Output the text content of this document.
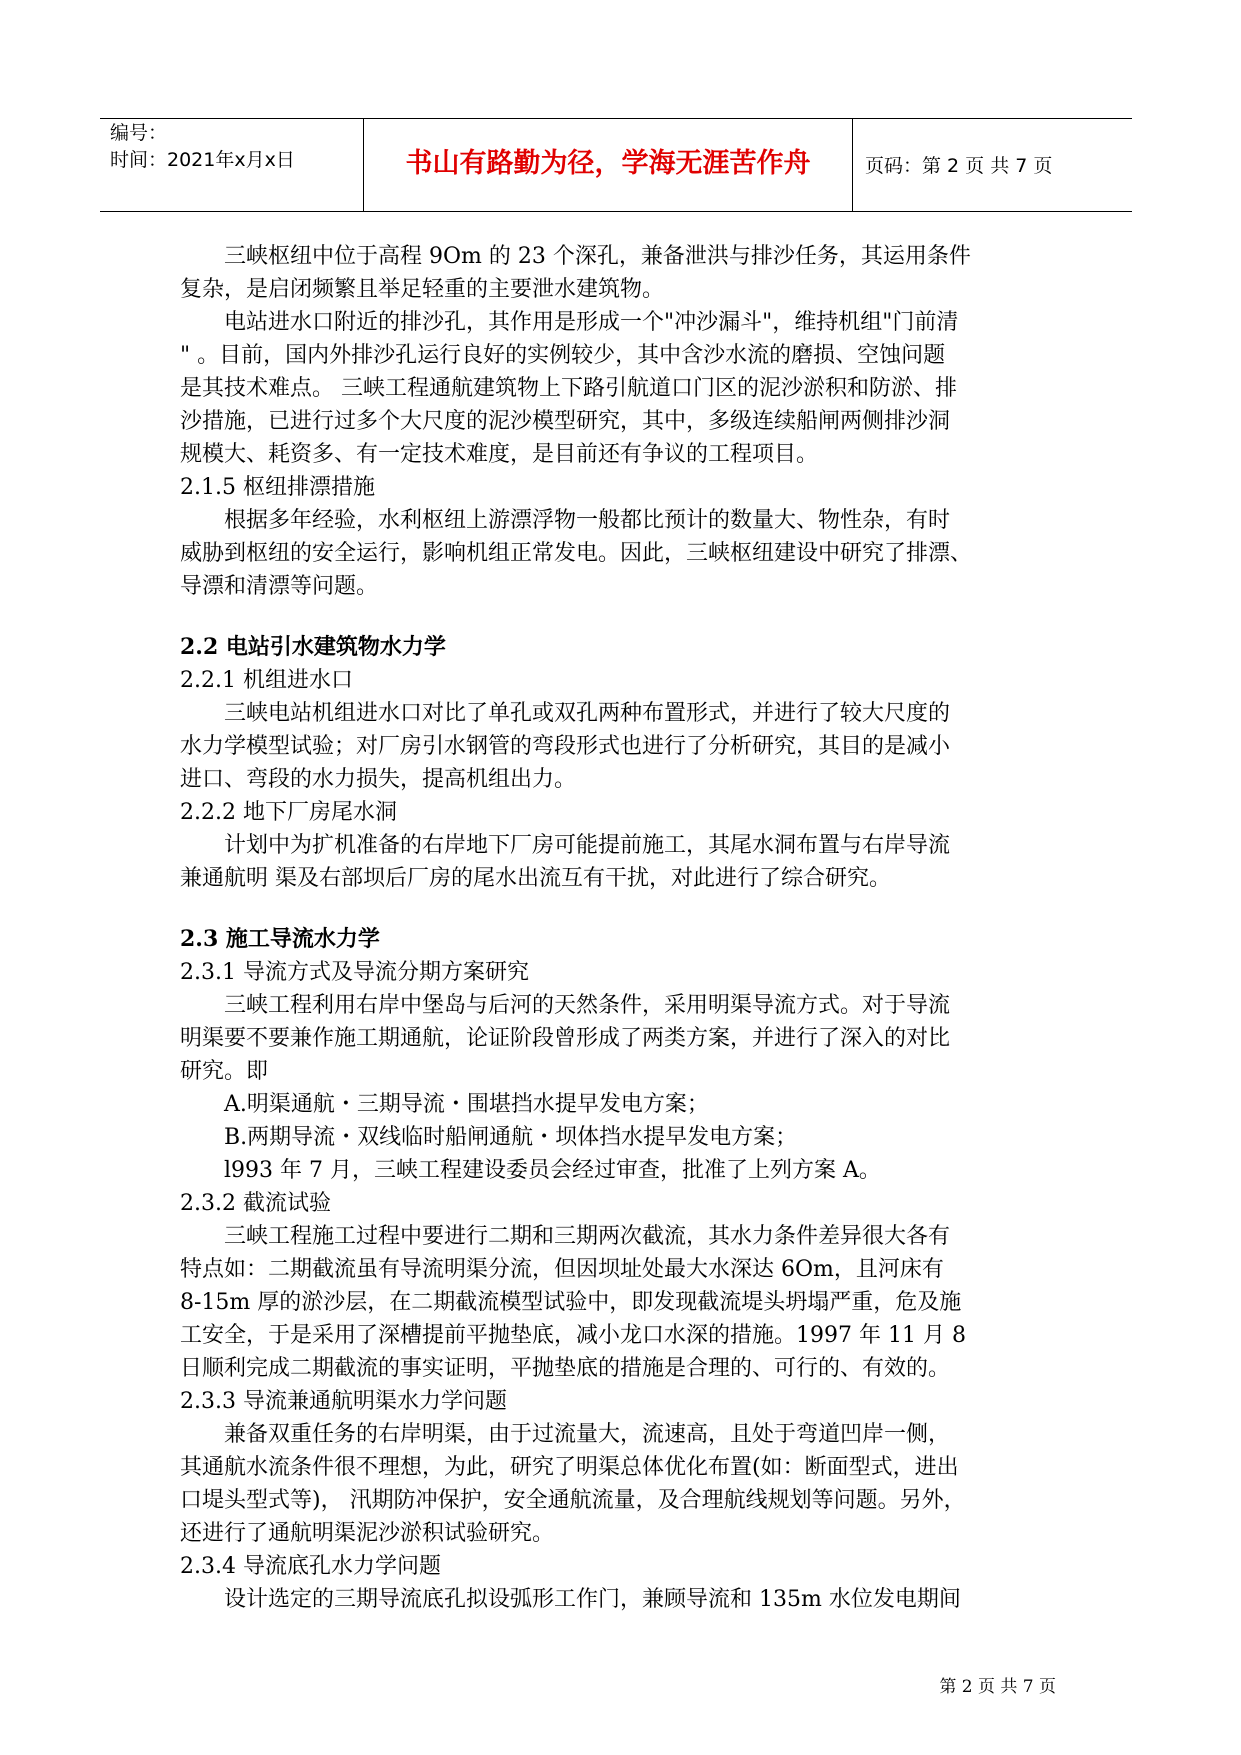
编号：
时间：2021年x月x日	书山有路勤为径，学海无涯苦作舟	页码：第 2 页 共 7 页
三峡枢纽中位于高程 9Om 的 23 个深孔，兼备泄洪与排沙任务，其运用条件
复杂，是启闭频繁且举足轻重的主要泄水建筑物。
电站进水口附近的排沙孔，其作用是形成一个"冲沙漏斗"，维持机组"门前清
" 。目前，国内外排沙孔运行良好的实例较少，其中含沙水流的磨损、空蚀问题
是其技术难点。 三峡工程通航建筑物上下路引航道口门区的泥沙淤积和防淤、排
沙措施，已进行过多个大尺度的泥沙模型研究，其中，多级连续船闸两侧排沙洞
规模大、耗资多、有一定技术难度，是目前还有争议的工程项目。
2.1.5 枢纽排漂措施
根据多年经验，水利枢纽上游漂浮物一般都比预计的数量大、物性杂，有时
威胁到枢纽的安全运行，影响机组正常发电。因此，三峡枢纽建设中研究了排漂、
导漂和清漂等问题。
2.2 电站引水建筑物水力学
2.2.1 机组进水口
三峡电站机组进水口对比了单孔或双孔两种布置形式，并进行了较大尺度的
水力学模型试验；对厂房引水钢管的弯段形式也进行了分析研究，其目的是减小
进口、弯段的水力损失，提高机组出力。
2.2.2 地下厂房尾水洞
计划中为扩机准备的右岸地下厂房可能提前施工，其尾水洞布置与右岸导流
兼通航明 渠及右部坝后厂房的尾水出流互有干扰，对此进行了综合研究。
2.3 施工导流水力学
2.3.1 导流方式及导流分期方案研究
三峡工程利用右岸中堡岛与后河的天然条件，采用明渠导流方式。对于导流
明渠要不要兼作施工期通航，论证阶段曾形成了两类方案，并进行了深入的对比
研究。即
A.明渠通航・三期导流・围堪挡水提早发电方案；
B.两期导流・双线临时船闸通航・坝体挡水提早发电方案；
l993 年 7 月，三峡工程建设委员会经过审查，批准了上列方案 A。
2.3.2 截流试验
三峡工程施工过程中要进行二期和三期两次截流，其水力条件差异很大各有
特点如：二期截流虽有导流明渠分流，但因坝址处最大水深达 6Om，且河床有
8-15m 厚的淤沙层，在二期截流模型试验中，即发现截流堤头坍塌严重，危及施
工安全，于是采用了深槽提前平抛垫底，减小龙口水深的措施。1997 年 11 月 8
日顺利完成二期截流的事实证明，平抛垫底的措施是合理的、可行的、有效的。
2.3.3 导流兼通航明渠水力学问题
兼备双重任务的右岸明渠，由于过流量大，流速高，且处于弯道凹岸一侧，
其通航水流条件很不理想，为此，研究了明渠总体优化布置(如：断面型式，进出
口堤头型式等)， 汛期防冲保护，安全通航流量，及合理航线规划等问题。另外，
还进行了通航明渠泥沙淤积试验研究。
2.3.4 导流底孔水力学问题
设计选定的三期导流底孔拟设弧形工作门，兼顾导流和 135m 水位发电期间
第 2 页 共 7 页
